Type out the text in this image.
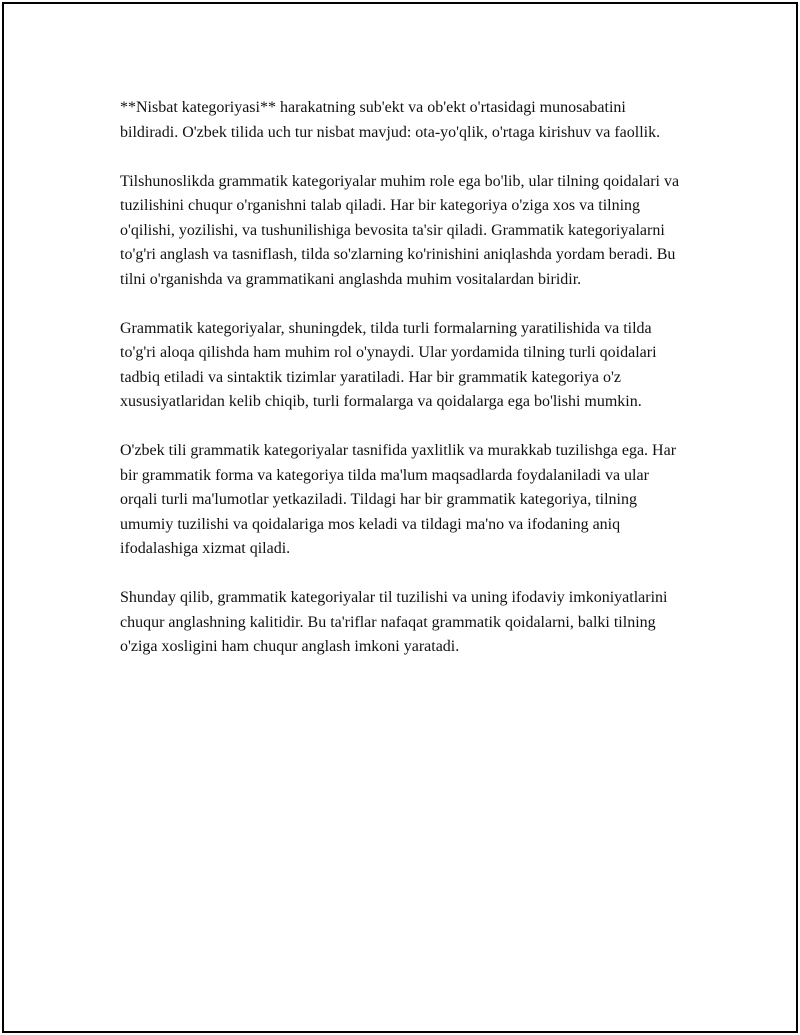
**Nisbat kategoriyasi** harakatning sub'ekt va ob'ekt o'rtasidagi munosabatini bildiradi. O'zbek tilida uch tur nisbat mavjud: ota-yo'qlik, o'rtaga kirishuv va faollik.

Tilshunoslikda grammatik kategoriyalar muhim role ega bo'lib, ular tilning qoidalari va tuzilishini chuqur o'rganishni talab qiladi. Har bir kategoriya o'ziga xos va tilning o'qilishi, yozilishi, va tushunilishiga bevosita ta'sir qiladi. Grammatik kategoriyalarni to'g'ri anglash va tasniflash, tilda so'zlarning ko'rinishini aniqlashda yordam beradi. Bu tilni o'rganishda va grammatikani anglashda muhim vositalardan biridir.

Grammatik kategoriyalar, shuningdek, tilda turli formalarning yaratilishida va tilda to'g'ri aloqa qilishda ham muhim rol o'ynaydi. Ular yordamida tilning turli qoidalari tadbiq etiladi va sintaktik tizimlar yaratiladi. Har bir grammatik kategoriya o'z xususiyatlaridan kelib chiqib, turli formalarga va qoidalarga ega bo'lishi mumkin.

O'zbek tili grammatik kategoriyalar tasnifida yaxlitlik va murakkab tuzilishga ega. Har bir grammatik forma va kategoriya tilda ma'lum maqsadlarda foydalaniladi va ular orqali turli ma'lumotlar yetkaziladi. Tildagi har bir grammatik kategoriya, tilning umumiy tuzilishi va qoidalariga mos keladi va tildagi ma'no va ifodaning aniq ifodalashiga xizmat qiladi.

Shunday qilib, grammatik kategoriyalar til tuzilishi va uning ifodaviy imkoniyatlarini chuqur anglashning kalitidir. Bu ta'riflar nafaqat grammatik qoidalarni, balki tilning o'ziga xosligini ham chuqur anglash imkoni yaratadi.
